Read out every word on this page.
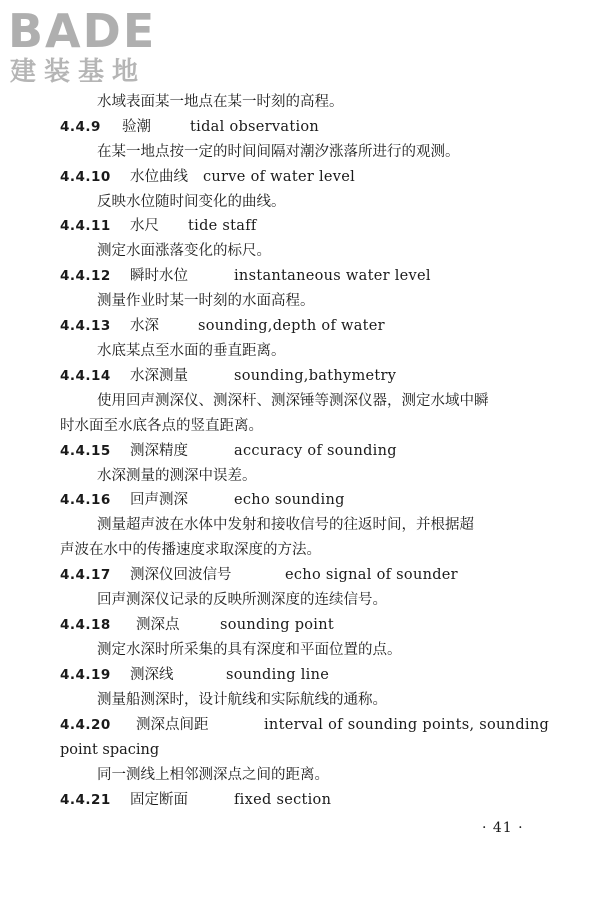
BADE
建装基地
水域表面某一地点在某一时刻的高程。
4.4.9 验潮	tidal observation
在某一地点按一定的时间间隔对潮汐涨落所进行的观测。
4.4.10 水位曲线 curve of water level
反映水位随时间变化的曲线。
4.4.11 水尺 tide staff
测定水面涨落变化的标尺。
4.4.12 瞬时水位	instantaneous water level
测量作业时某一时刻的水面高程。
4.4.13 水深	sounding,depth of water
水底某点至水面的垂直距离。
4.4.14 水深测量	sounding,bathymetry
使用回声测深仪、测深杆、测深锤等测深仪器，测定水域中瞬
时水面至水底各点的竖直距离。
4.4.15 测深精度	accuracy of sounding
水深测量的测深中误差。
4.4.16 回声测深	echo sounding
测量超声波在水体中发射和接收信号的往返时间，并根据超
声波在水中的传播速度求取深度的方法。
4.4.17 测深仪回波信号	echo signal of sounder
回声测深仪记录的反映所测深度的连续信号。
4.4.18 测深点	sounding point
测定水深时所采集的具有深度和平面位置的点。
4.4.19 测深线	sounding line
测量船测深时，设计航线和实际航线的通称。
4.4.20 测深点间距	interval of sounding points, sounding
point spacing
同一测线上相邻测深点之间的距离。
4.4.21 固定断面	fixed section
· 41 ·
